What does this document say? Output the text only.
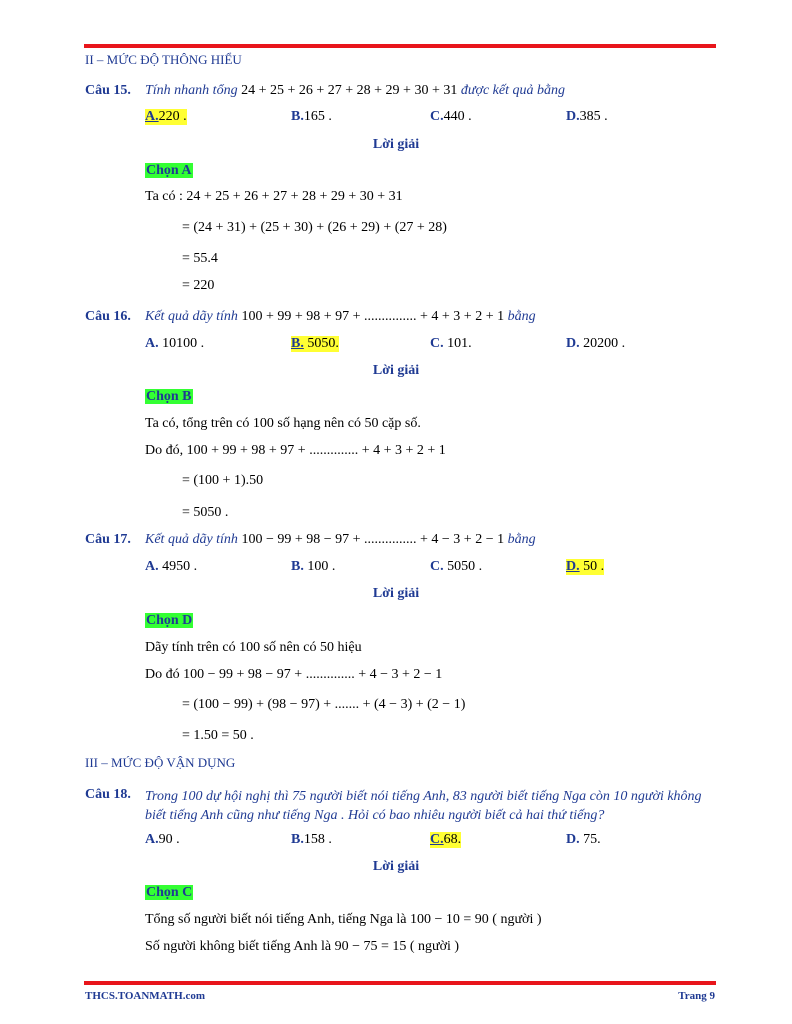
II – MỨC ĐỘ THÔNG HIỂU
Câu 15. Tính nhanh tổng 24 + 25 + 26 + 27 + 28 + 29 + 30 + 31 được kết quả bằng
A.220 .	B.165 .	C.440 .	D.385 .
Lời giải
Chọn A
Ta có : 24 + 25 + 26 + 27 + 28 + 29 + 30 + 31
= (24 + 31) + (25 + 30) + (26 + 29) + (27 + 28)
= 55.4
= 220
Câu 16. Kết quả dãy tính 100 + 99 + 98 + 97 + ............... + 4 + 3 + 2 + 1 bằng
A. 10100 .	B. 5050.	C. 101.	D. 20200 .
Lời giải
Chọn B
Ta có, tổng trên có 100 số hạng nên có 50 cặp số.
Do đó, 100 + 99 + 98 + 97 + .............. + 4 + 3 + 2 + 1
= (100 + 1).50
= 5050 .
Câu 17. Kết quả dãy tính 100 − 99 + 98 − 97 + ............... + 4 − 3 + 2 − 1 bằng
A. 4950 .	B. 100 .	C. 5050 .	D. 50 .
Lời giải
Chọn D
Dãy tính trên có 100 số nên có 50 hiệu
Do đó 100 − 99 + 98 − 97 + .............. + 4 − 3 + 2 − 1
= (100 − 99) + (98 − 97) + ....... + (4 − 3) + (2 − 1)
= 1.50 = 50 .
III – MỨC ĐỘ VẬN DỤNG
Câu 18. Trong 100 dự hội nghị thì 75 người biết nói tiếng Anh, 83 người biết tiếng Nga còn 10 người không biết tiếng Anh cũng như tiếng Nga . Hỏi có bao nhiêu người biết cả hai thứ tiếng?
A.90 .	B.158 .	C.68.	D. 75.
Lời giải
Chọn C
Tổng số người biết nói tiếng Anh, tiếng Nga là 100 − 10 = 90 ( người )
Số người không biết tiếng Anh là 90 − 75 = 15 ( người )
THCS.TOANMATH.com	Trang 9
